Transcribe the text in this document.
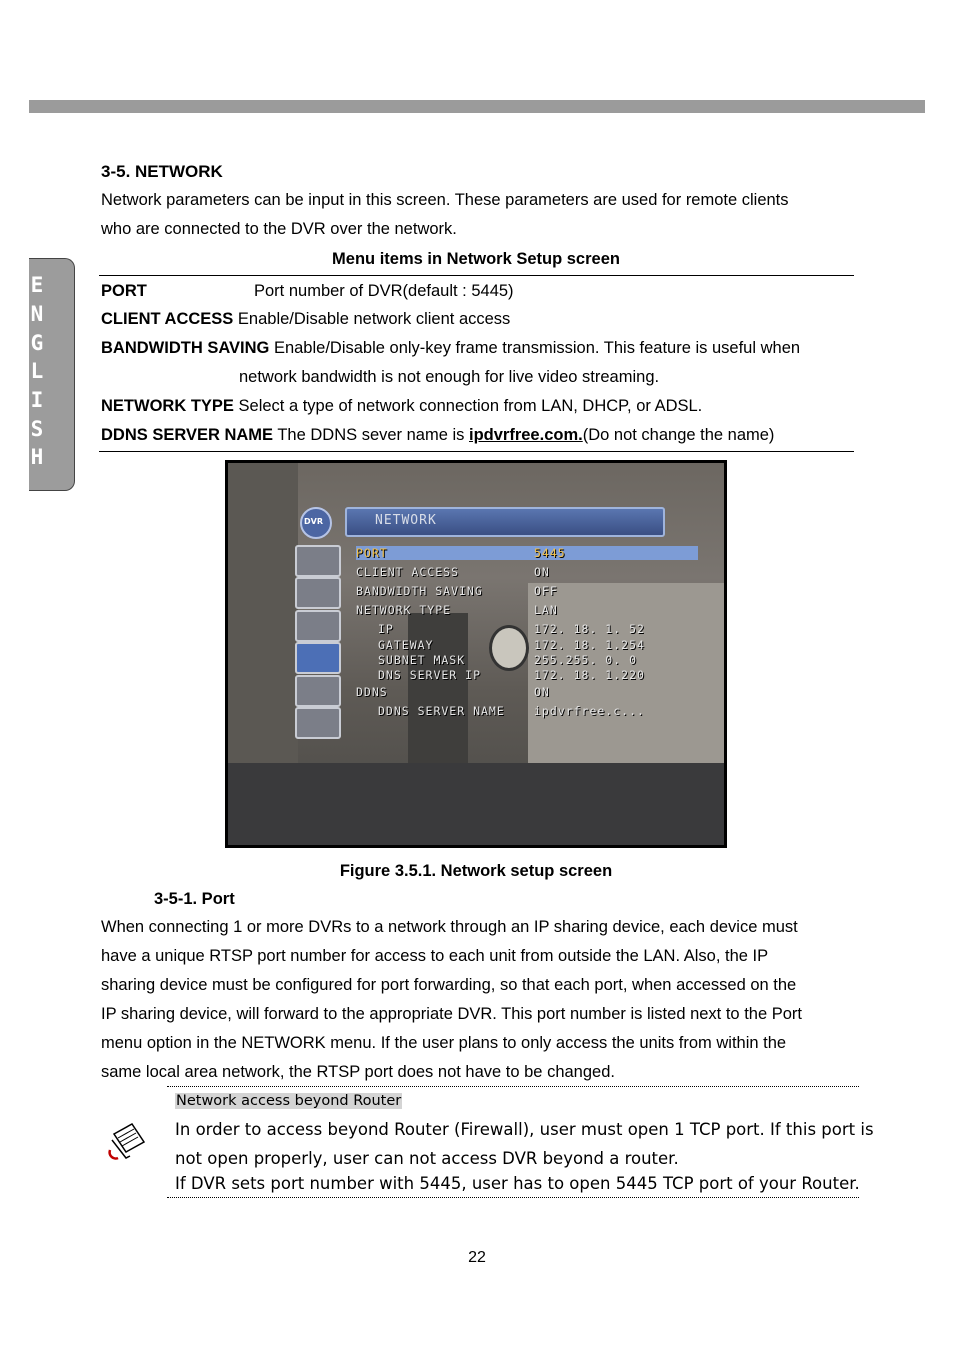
E
N
G
L
I
S
H
3-5. NETWORK
Network parameters can be input in this screen. These parameters are used for remote clients
who are connected to the DVR over the network.
Menu items in Network Setup screen
PORT	Port number of DVR(default : 5445)
CLIENT ACCESS Enable/Disable network client access
BANDWIDTH SAVING Enable/Disable only-key frame transmission. This feature is useful when
network bandwidth is not enough for live video streaming.
NETWORK TYPE Select a type of network connection from LAN, DHCP, or ADSL.
DDNS SERVER NAME The DDNS sever name is ipdvrfree.com.(Do not change the name)
DVR	NETWORK
PORT	5445
CLIENT ACCESS	ON
BANDWIDTH SAVING	OFF
NETWORK TYPE	LAN
IP	172. 18. 1. 52
GATEWAY	172. 18. 1.254
SUBNET MASK	255.255. 0. 0
DNS SERVER IP	172. 18. 1.220
DDNS	ON
DDNS SERVER NAME	ipdvrfree.c...
Figure 3.5.1. Network setup screen
3-5-1. Port
When connecting 1 or more DVRs to a network through an IP sharing device, each device must
have a unique RTSP port number for access to each unit from outside the LAN. Also, the IP
sharing device must be configured for port forwarding, so that each port, when accessed on the
IP sharing device, will forward to the appropriate DVR. This port number is listed next to the Port
menu option in the NETWORK menu. If the user plans to only access the units from within the
same local area network, the RTSP port does not have to be changed.
Network access beyond Router
In order to access beyond Router (Firewall), user must open 1 TCP port. If this port is
not open properly, user can not access DVR beyond a router.
If DVR sets port number with 5445, user has to open 5445 TCP port of your Router.
22
